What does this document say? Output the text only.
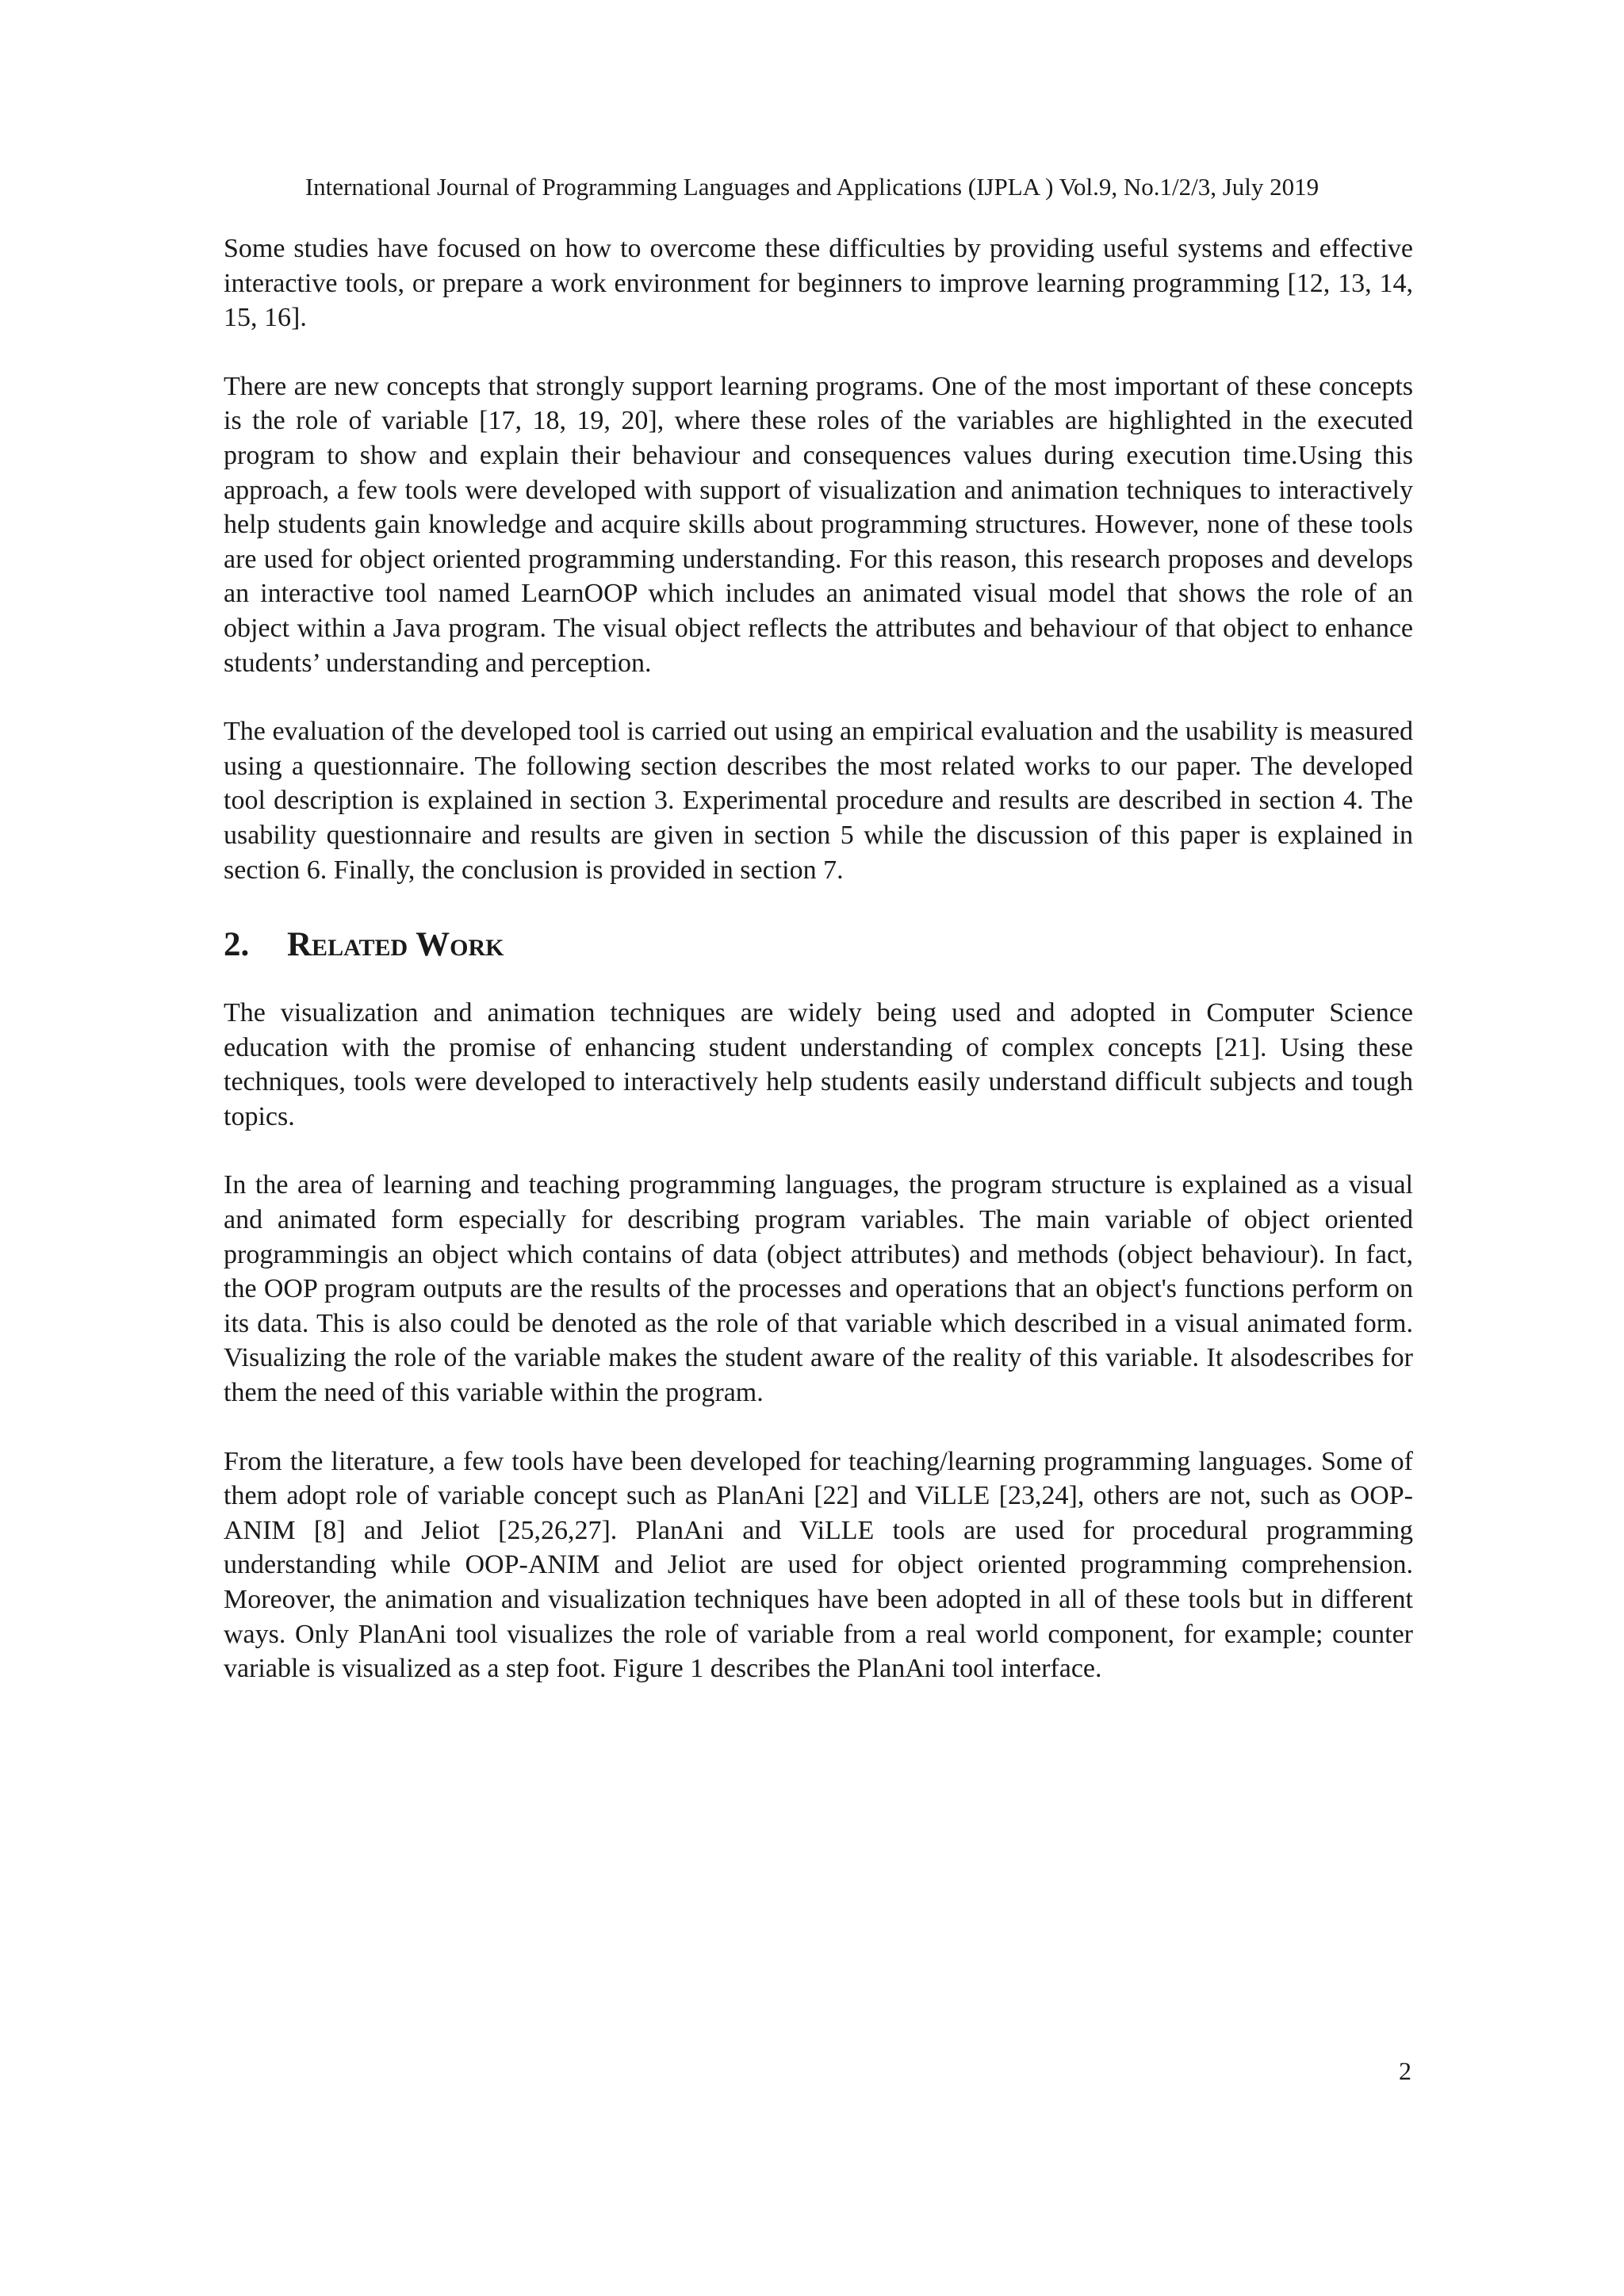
International Journal of Programming Languages and Applications (IJPLA ) Vol.9, No.1/2/3, July 2019

Some studies have focused on how to overcome these difficulties by providing useful systems and effective interactive tools, or prepare a work environment for beginners to improve learning programming [12, 13, 14, 15, 16].

There are new concepts that strongly support learning programs. One of the most important of these concepts is the role of variable [17, 18, 19, 20], where these roles of the variables are highlighted in the executed program to show and explain their behaviour and consequences values during execution time.Using this approach, a few tools were developed with support of visualization and animation techniques to interactively help students gain knowledge and acquire skills about programming structures. However, none of these tools are used for object oriented programming understanding. For this reason, this research proposes and develops an interactive tool named LearnOOP which includes an animated visual model that shows the role of an object within a Java program. The visual object reflects the attributes and behaviour of that object to enhance students’ understanding and perception.

The evaluation of the developed tool is carried out using an empirical evaluation and the usability is measured using a questionnaire. The following section describes the most related works to our paper. The developed tool description is explained in section 3. Experimental procedure and results are described in section 4. The usability questionnaire and results are given in section 5 while the discussion of this paper is explained in section 6. Finally, the conclusion is provided in section 7.

2. Related Work

The visualization and animation techniques are widely being used and adopted in Computer Science education with the promise of enhancing student understanding of complex concepts [21]. Using these techniques, tools were developed to interactively help students easily understand difficult subjects and tough topics.

In the area of learning and teaching programming languages, the program structure is explained as a visual and animated form especially for describing program variables. The main variable of object oriented programmingis an object which contains of data (object attributes) and methods (object behaviour). In fact, the OOP program outputs are the results of the processes and operations that an object's functions perform on its data. This is also could be denoted as the role of that variable which described in a visual animated form. Visualizing the role of the variable makes the student aware of the reality of this variable. It alsodescribes for them the need of this variable within the program.

From the literature, a few tools have been developed for teaching/learning programming languages. Some of them adopt role of variable concept such as PlanAni [22] and ViLLE [23,24], others are not, such as OOP-ANIM [8] and Jeliot [25,26,27]. PlanAni and ViLLE tools are used for procedural programming understanding while OOP-ANIM and Jeliot are used for object oriented programming comprehension. Moreover, the animation and visualization techniques have been adopted in all of these tools but in different ways. Only PlanAni tool visualizes the role of variable from a real world component, for example; counter variable is visualized as a step foot. Figure 1 describes the PlanAni tool interface.

2
